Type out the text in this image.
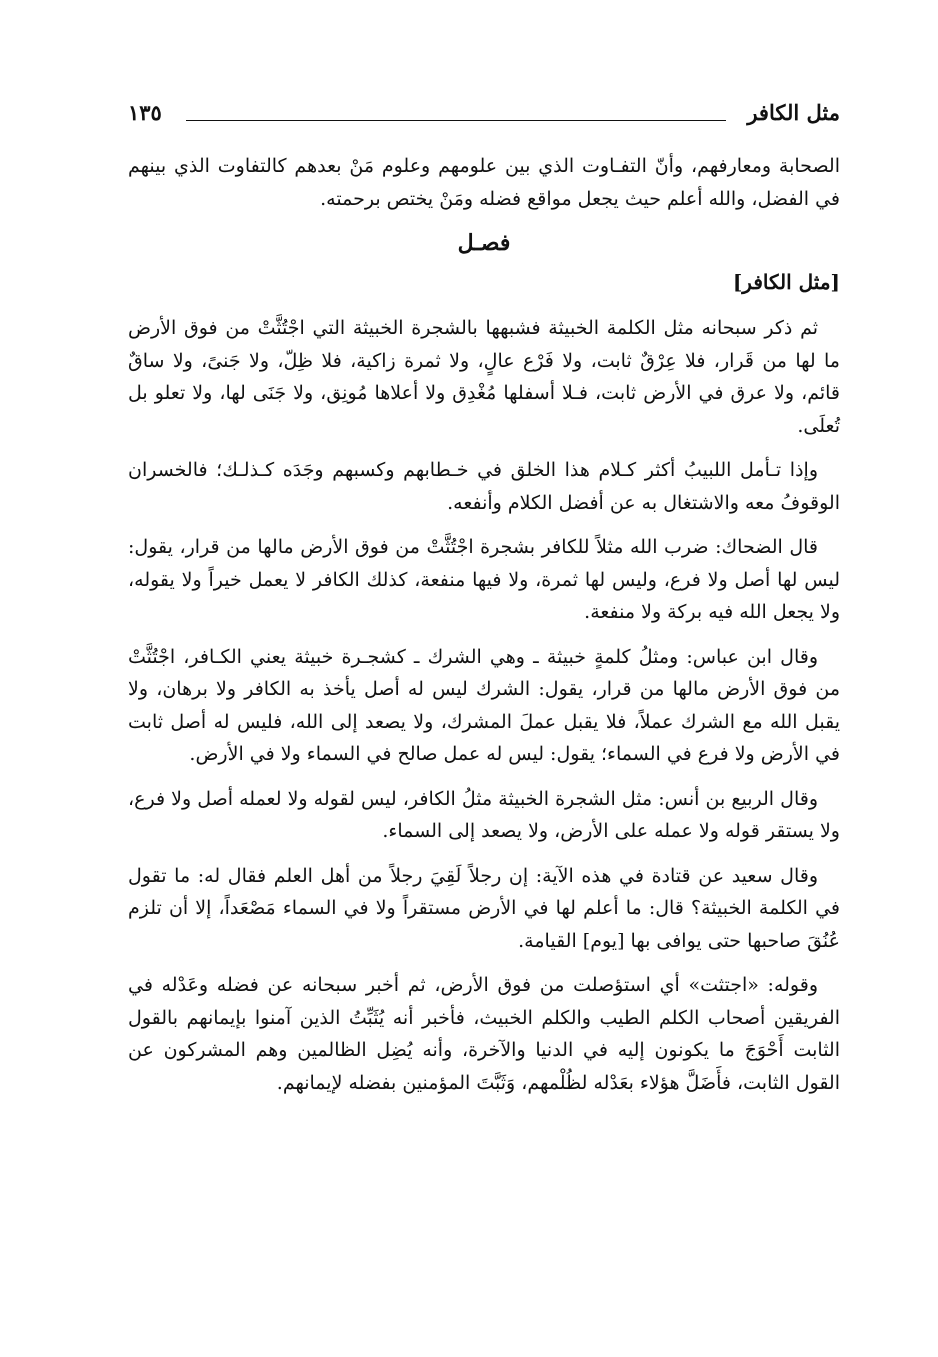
مثل الكافر
١٣٥

الصحابة ومعارفهم، وأنّ التفـاوت الذي بين علومهم وعلوم مَنْ بعدهم كالتفاوت الذي بينهم في الفضل، والله أعلم حيث يجعل مواقع فضله ومَنْ يختص برحمته.

فصـل
[مثل الكافر]

ثم ذكر سبحانه مثل الكلمة الخبيثة فشبهها بالشجرة الخبيثة التي اجْتُثَّتْ من فوق الأرض ما لها من قَرار، فلا عِرْقٌ ثابت، ولا فَرْع عالٍ، ولا ثمرة زاكية، فلا ظِلّ، ولا جَنىً، ولا ساقٌ قائم، ولا عرق في الأرض ثابت، فـلا أسفلها مُغْدِق ولا أعلاها مُونِق، ولا جَنَى لها، ولا تعلو بل تُعلَى.

وإذا تـأمل اللبيبُ أكثر كـلام هذا الخلق في خـطابهم وكسبهم وجَدَه كـذلـك؛ فالخسران الوقوفُ معه والاشتغال به عن أفضل الكلام وأنفعه.

قال الضحاك: ضرب الله مثلاً للكافر بشجرة اجْتُثَّتْ من فوق الأرض مالها من قرار، يقول: ليس لها أصل ولا فرع، وليس لها ثمرة، ولا فيها منفعة، كذلك الكافر لا يعمل خيراً ولا يقوله، ولا يجعل الله فيه بركة ولا منفعة.

وقال ابن عباس: ومثلُ كلمةٍ خبيثة ـ وهي الشرك ـ كشجـرة خبيثة يعني الكـافر، اجْتُثَّتْ من فوق الأرض مالها من قرار، يقول: الشرك ليس له أصل يأخذ به الكافر ولا برهان، ولا يقبل الله مع الشرك عملاً، فلا يقبل عملَ المشرك، ولا يصعد إلى الله، فليس له أصل ثابت في الأرض ولا فرع في السماء؛ يقول: ليس له عمل صالح في السماء ولا في الأرض.

وقال الربيع بن أنس: مثل الشجرة الخبيثة مثلُ الكافر، ليس لقوله ولا لعمله أصل ولا فرع، ولا يستقر قوله ولا عمله على الأرض، ولا يصعد إلى السماء.

وقال سعيد عن قتادة في هذه الآية: إن رجلاً لَقِيَ رجلاً من أهل العلم فقال له: ما تقول في الكلمة الخبيثة؟ قال: ما أعلم لها في الأرض مستقراً ولا في السماء مَصْعَداً، إلا أن تلزم عُنُقَ صاحبها حتى يوافى بها [يوم] القيامة.

وقوله: «اجتثت» أي استؤصلت من فوق الأرض، ثم أخبر سبحانه عن فضله وعَدْله في الفريقين أصحاب الكلم الطيب والكلم الخبيث، فأخبر أنه يُثَبِّتُ الذين آمنوا بإيمانهم بالقول الثابت أَحْوَجَ ما يكونون إليه في الدنيا والآخرة، وأنه يُضِل الظالمين وهم المشركون عن القول الثابت، فأَضَلَّ هؤلاء بعَدْله لظُلْمهم، وَثَبَّتَ المؤمنين بفضله لإيمانهم.
